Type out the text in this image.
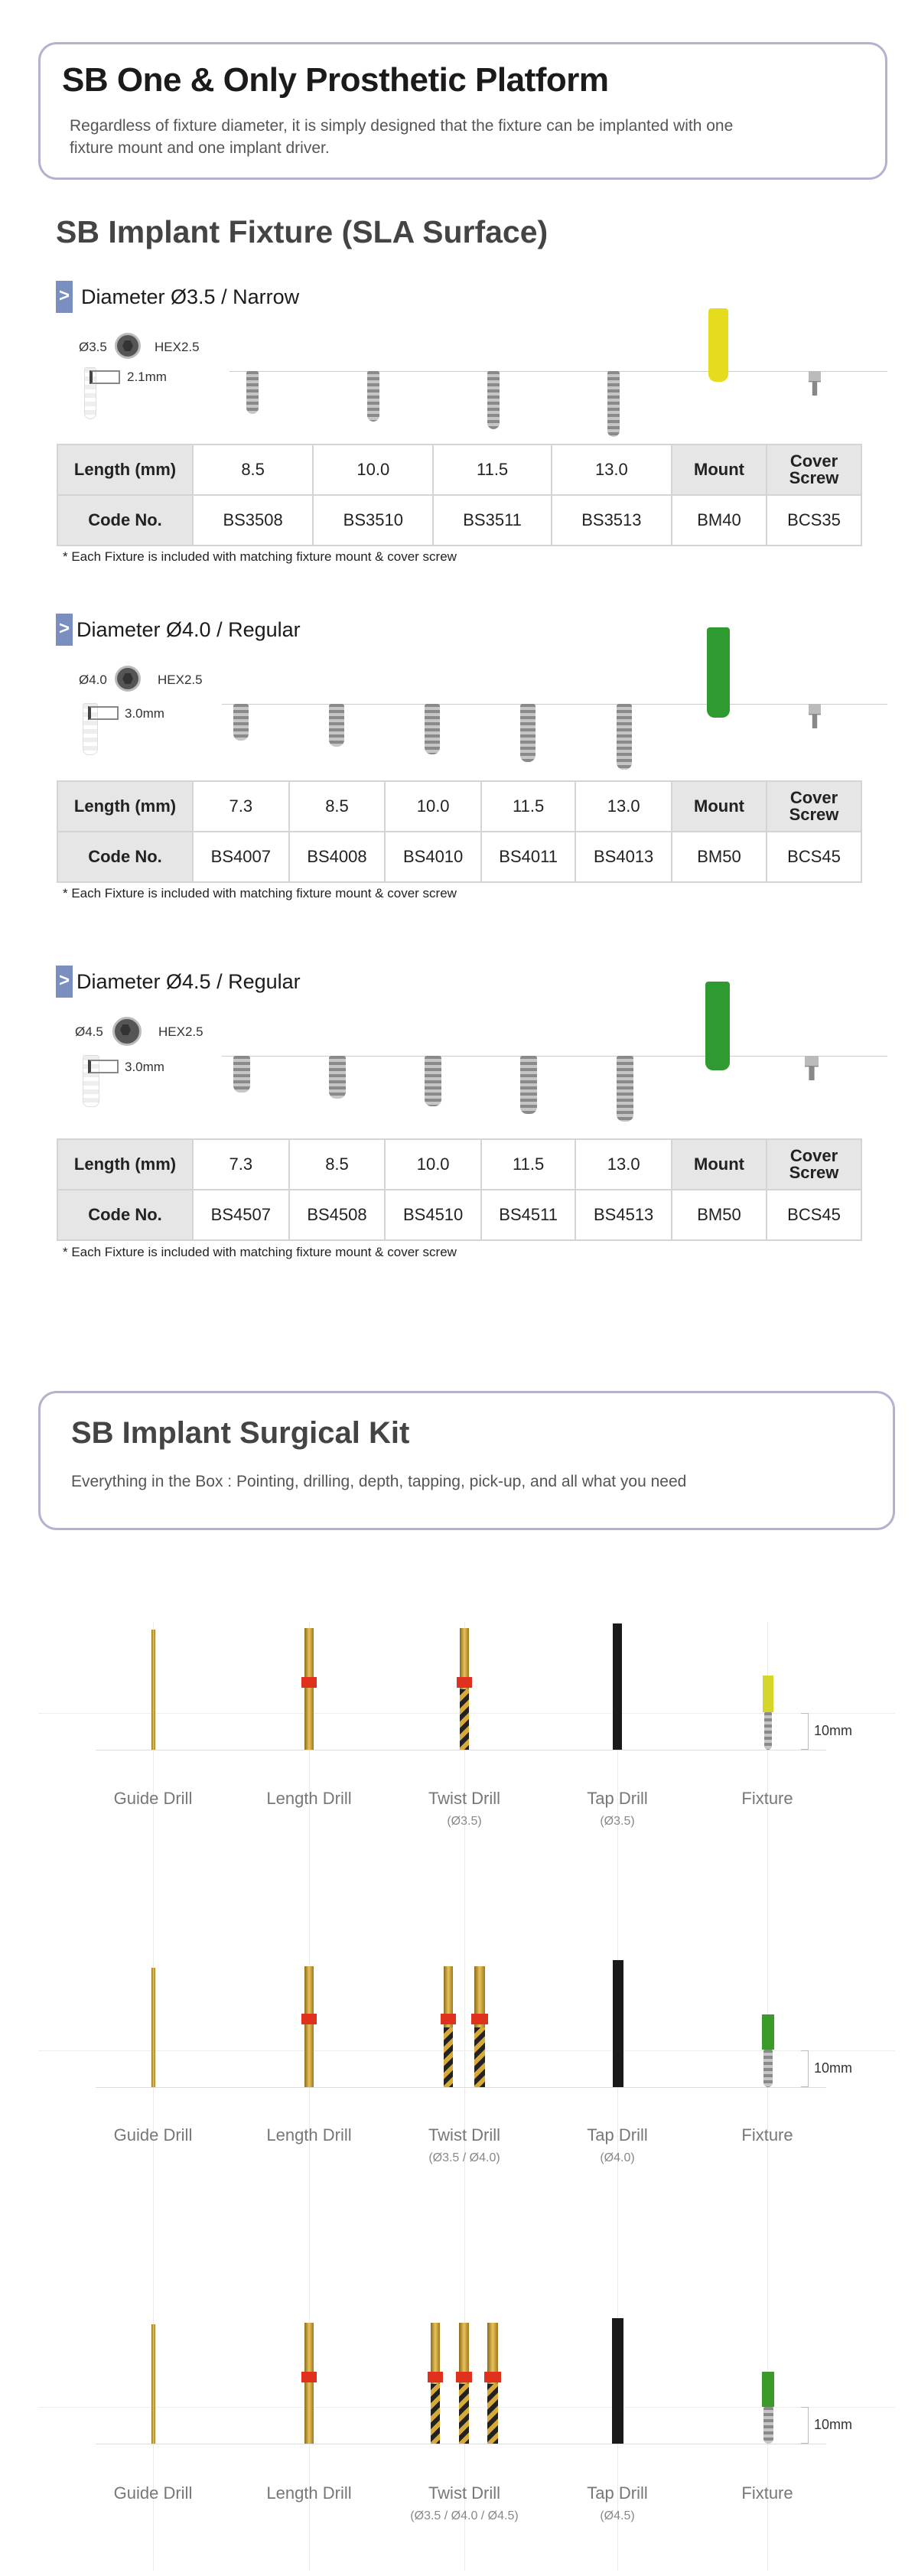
SB One & Only Prosthetic Platform
Regardless of fixture diameter, it is simply designed that the fixture can be implanted with one fixture mount and one implant driver.
SB Implant Fixture (SLA Surface)
> Diameter Ø3.5 / Narrow
Ø3.5	HEX2.5
2.1mm
Length (mm)	8.5	10.0	11.5	13.0	Mount	Cover Screw
Code No.	BS3508	BS3510	BS3511	BS3513	BM40	BCS35
* Each Fixture is included with matching fixture mount & cover screw
> Diameter Ø4.0 / Regular
Ø4.0	HEX2.5
3.0mm
Length (mm)	7.3	8.5	10.0	11.5	13.0	Mount	Cover Screw
Code No.	BS4007	BS4008	BS4010	BS4011	BS4013	BM50	BCS45
* Each Fixture is included with matching fixture mount & cover screw
> Diameter Ø4.5 / Regular
Ø4.5	HEX2.5
3.0mm
Length (mm)	7.3	8.5	10.0	11.5	13.0	Mount	Cover Screw
Code No.	BS4507	BS4508	BS4510	BS4511	BS4513	BM50	BCS45
* Each Fixture is included with matching fixture mount & cover screw
SB Implant Surgical Kit
Everything in the Box : Pointing, drilling, depth, tapping, pick-up, and all what you need
10mm
Guide Drill	Length Drill	Twist Drill	Tap Drill	Fixture
(Ø3.5)	(Ø3.5)
10mm
Guide Drill	Length Drill	Twist Drill	Tap Drill	Fixture
(Ø3.5 / Ø4.0)	(Ø4.0)
10mm
Guide Drill	Length Drill	Twist Drill	Tap Drill	Fixture
(Ø3.5 / Ø4.0 / Ø4.5)	(Ø4.5)
